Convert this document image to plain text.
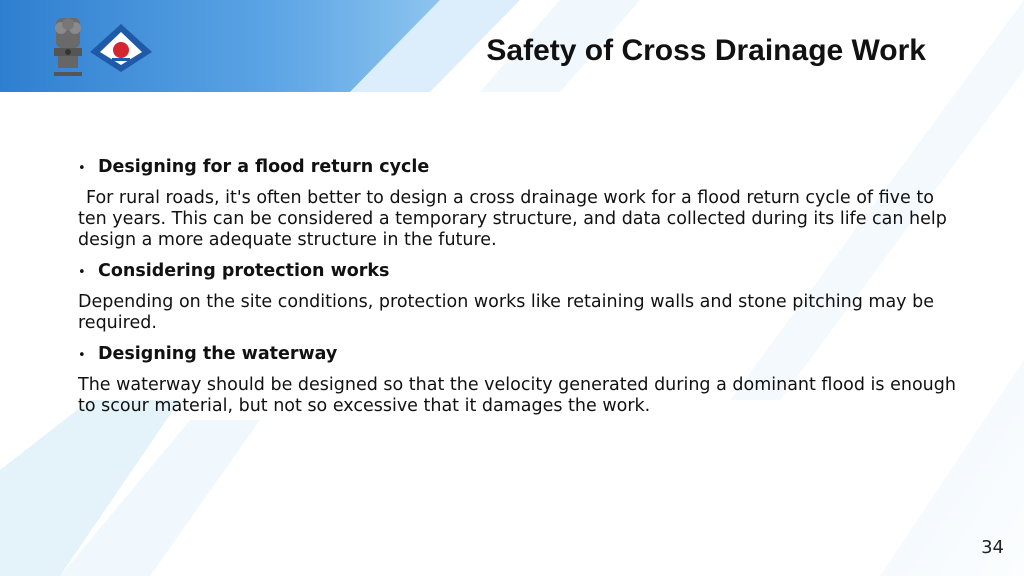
Safety of Cross Drainage Work
• Designing for a flood return cycle

For rural roads, it's often better to design a cross drainage work for a flood return cycle of five to ten years. This can be considered a temporary structure, and data collected during its life can help design a more adequate structure in the future.

• Considering protection works

Depending on the site conditions, protection works like retaining walls and stone pitching may be required.

• Designing the waterway

The waterway should be designed so that the velocity generated during a dominant flood is enough to scour material, but not so excessive that it damages the work.

34
